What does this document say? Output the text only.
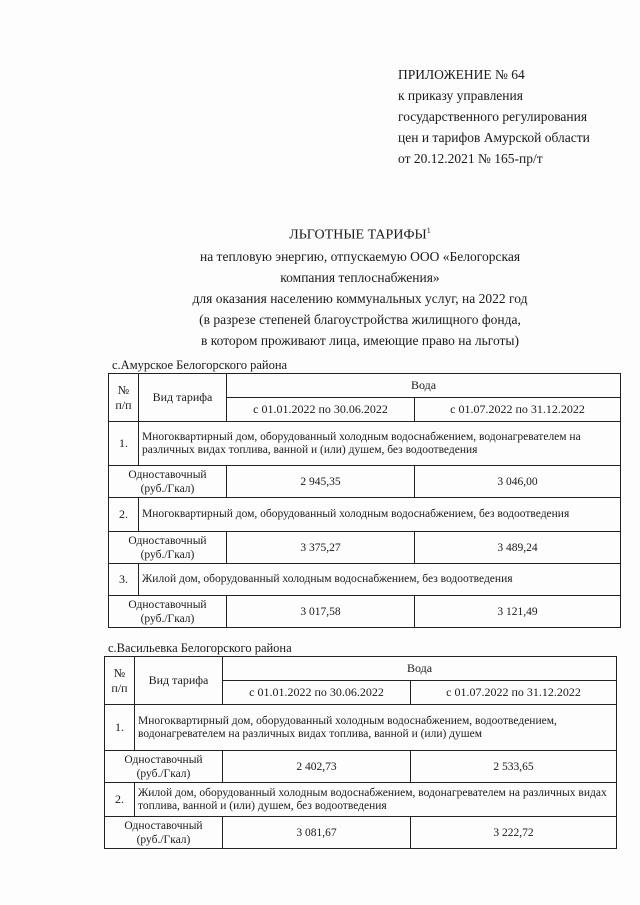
ПРИЛОЖЕНИЕ № 64
к приказу управления
государственного регулирования
цен и тарифов Амурской области
от 20.12.2021 № 165-пр/т
ЛЬГОТНЫЕ ТАРИФЫ$^1$
на тепловую энергию, отпускаемую ООО «Белогорская
компания теплоснабжения»
для оказания населению коммунальных услуг, на 2022 год
(в разрезе степеней благоустройства жилищного фонда,
в котором проживают лица, имеющие право на льготы)
с.Амурское Белогорского района
№ п/п	Вид тарифа	Вода	
		с 01.01.2022 по 30.06.2022	с 01.07.2022 по 31.12.2022
1.	Многоквартирный дом, оборудованный холодным водоснабжением, водонагревателем на различных видах топлива, ванной и (или) душем, без водоотведения		

Одноставочный
(руб./Гкал)		2 945,35	3 046,00
2.	Многоквартирный дом, оборудованный холодным водоснабжением, без водоотведения		

Одноставочный
(руб./Гкал)		3 375,27	3 489,24
3.	Жилой дом, оборудованный холодным водоснабжением, без водоотведения		

Одноставочный
(руб./Гкал)		3 017,58	3 121,49
с.Васильевка Белогорского района
№ п/п	Вид тарифа	Вода	
		с 01.01.2022 по 30.06.2022	с 01.07.2022 по 31.12.2022
1.	Многоквартирный дом, оборудованный холодным водоснабжением, водоотведением, водонагревателем на различных видах топлива, ванной и (или) душем		

Одноставочный
(руб./Гкал)		2 402,73	2 533,65
2.	Жилой дом, оборудованный холодным водоснабжением, водонагревателем на различных видах топлива, ванной и (или) душем, без водоотведения		

Одноставочный
(руб./Гкал)		3 081,67	3 222,72
